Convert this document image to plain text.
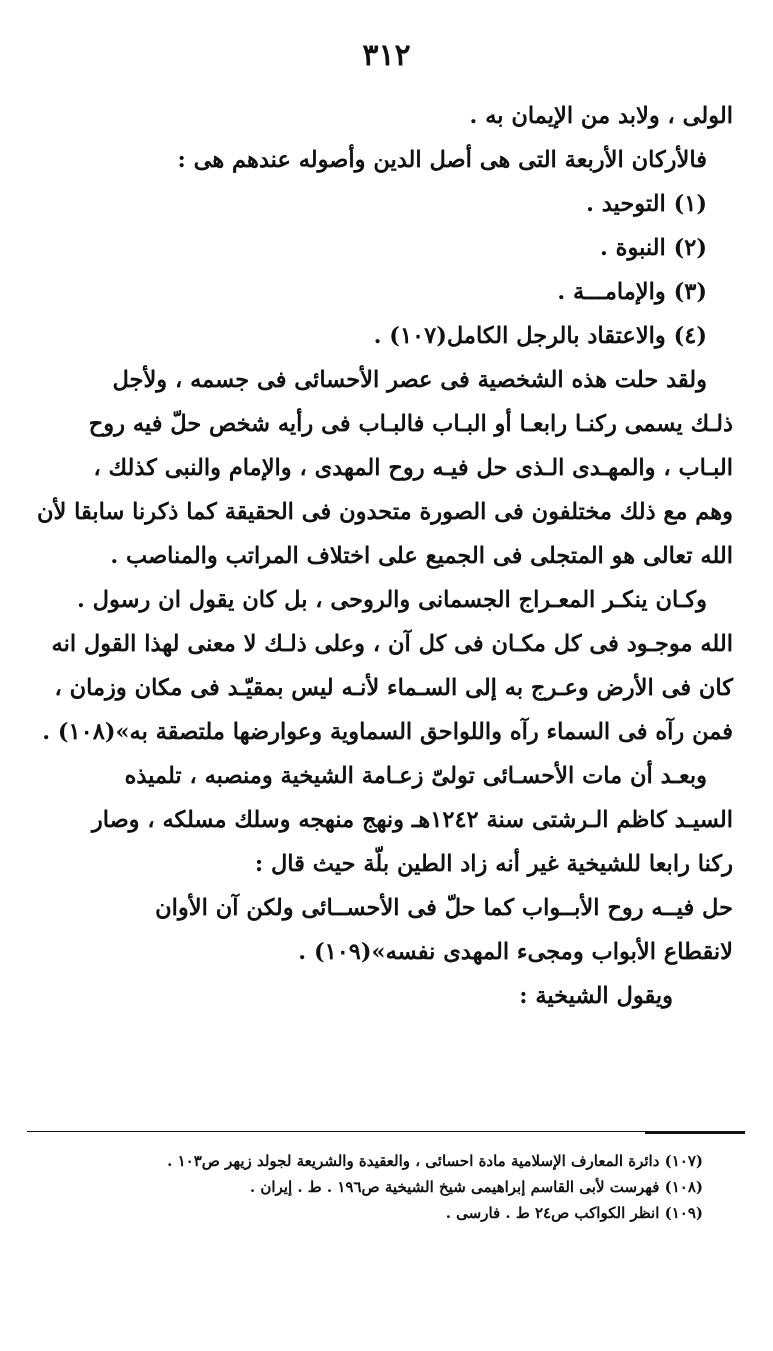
٣١٢
الولى ، ولابد من الإيمان به .
فالأركان الأربعة التى هى أصل الدين وأصوله عندهم هى :
(١) التوحيد .
(٢) النبوة .
(٣) والإمامـــة .
(٤) والاعتقاد بالرجل الكامل(١٠٧) .
ولقد حلت هذه الشخصية فى عصر الأحسائى فى جسمه ، ولأجل
ذلـك يسمى ركنـا رابعـا أو البـاب فالبـاب فى رأيه شخص حلّ فيه روح
البـاب ، والمهـدى الـذى حل فيـه روح المهدى ، والإمام والنبى كذلك ،
وهم مع ذلك مختلفون فى الصورة متحدون فى الحقيقة كما ذكرنا سابقا لأن
الله تعالى هو المتجلى فى الجميع على اختلاف المراتب والمناصب .
وكـان ينكـر المعـراج الجسمانى والروحى ، بل كان يقول ان رسول .
الله موجـود فى كل مكـان فى كل آن ، وعلى ذلـك لا معنى لهذا القول انه
كان فى الأرض وعـرج به إلى السـماء لأنـه ليس بمقيّـد فى مكان وزمان ،
فمن رآه فى السماء رآه واللواحق السماوية وعوارضها ملتصقة به»(١٠٨) .
وبعـد أن مات الأحسـائى تولىّ زعـامة الشيخية ومنصبه ، تلميذه
السيـد كاظم الـرشتى سنة ١٢٤٢هـ ونهج منهجه وسلك مسلكه ، وصار
ركنا رابعا للشيخية غير أنه زاد الطين بلّة حيث قال :
حل فيــه روح الأبــواب كما حلّ فى الأحســائى ولكن آن الأوان
لانقطاع الأبواب ومجىء المهدى نفسه»(١٠٩) .
ويقول الشيخية :
(١٠٧) دائرة المعارف الإسلامية مادة احسائى ، والعقيدة والشريعة لجولد زيهر ص١٠٣ .
(١٠٨) فهرست لأبى القاسم إبراهيمى شيخ الشيخية ص١٩٦ . ط . إيران .
(١٠٩) انظر الكواكب ص٢٤ ط . فارسى .
